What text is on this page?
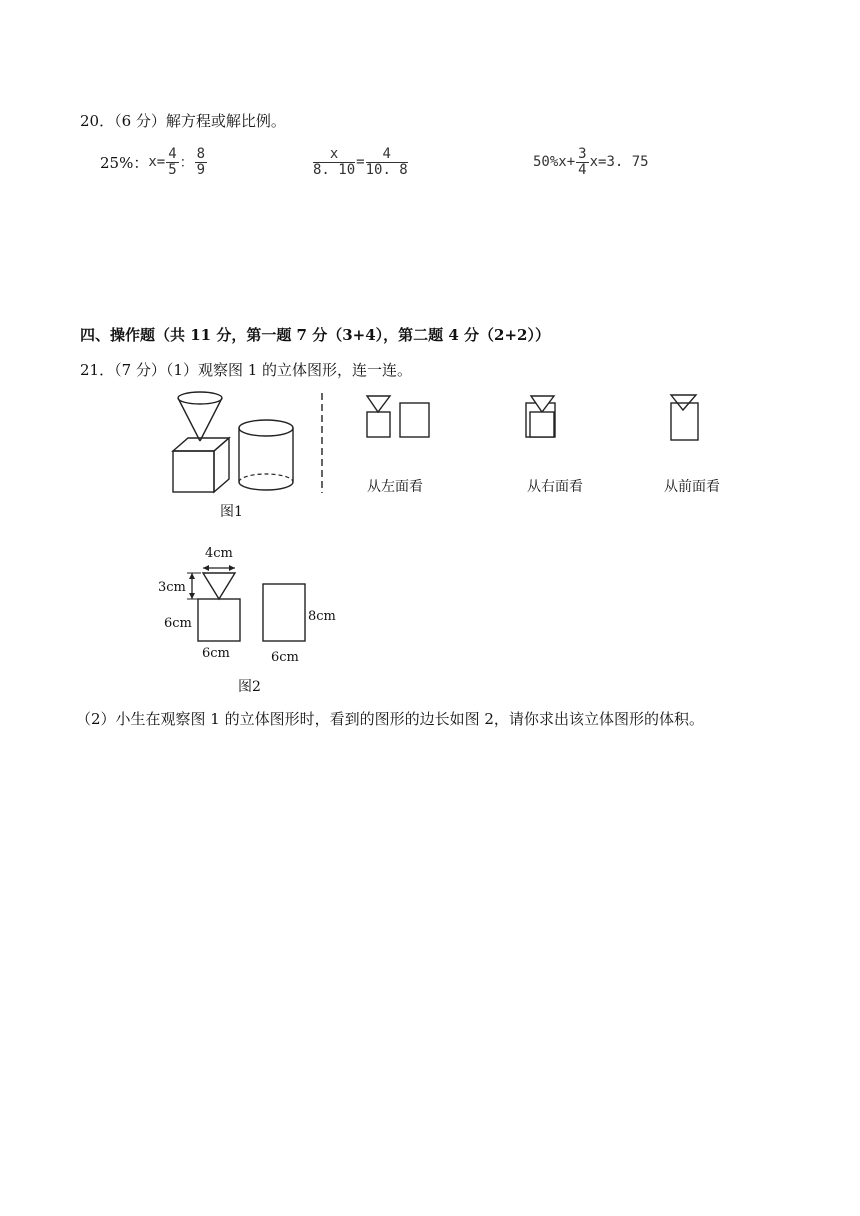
20．（6 分）解方程或解比例。
25%： $x= \frac{4}{5}$ ： $\frac{8}{9}$	$\frac{x}{8. 10} = \frac{4}{10. 8}$	$50\%x+ \frac{3}{4} x=3$. 75
四、操作题（共 11 分，第一题 7 分（3+4），第二题 4 分（2+2））
21．（7 分）（1）观察图 1 的立体图形，连一连。
图1
从左面看	从右面看	从前面看
4cm
3cm
6cm
6cm
8cm
6cm
图2
（2）小生在观察图 1 的立体图形时，看到的图形的边长如图 2，请你求出该立体图形的体积。
